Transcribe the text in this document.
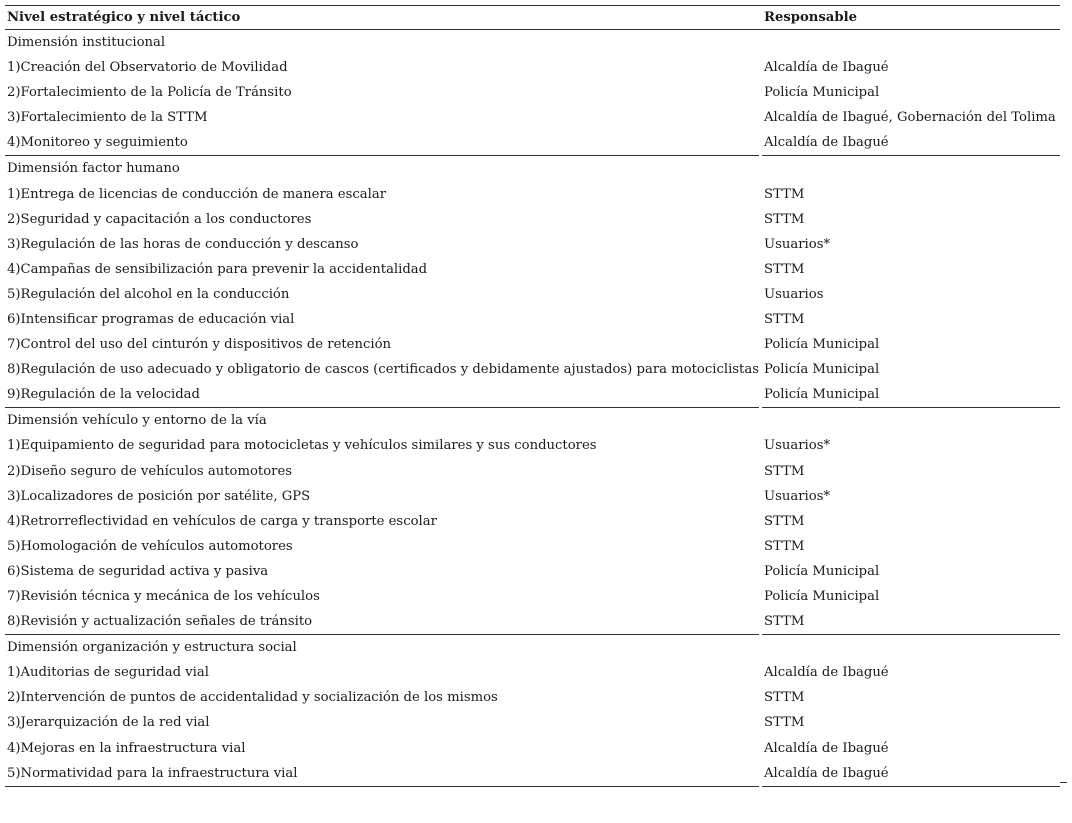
Nivel estratégico y nivel táctico		Responsable
Dimensión institucional		
1)Creación del Observatorio de Movilidad		Alcaldía de Ibagué
2)Fortalecimiento de la Policía de Tránsito		Policía Municipal
3)Fortalecimiento de la STTM		Alcaldía de Ibagué, Gobernación del Tolima
4)Monitoreo y seguimiento		Alcaldía de Ibagué
Dimensión factor humano		
1)Entrega de licencias de conducción de manera escalar		STTM
2)Seguridad y capacitación a los conductores		STTM
3)Regulación de las horas de conducción y descanso		Usuarios*
4)Campañas de sensibilización para prevenir la accidentalidad		STTM
5)Regulación del alcohol en la conducción		Usuarios
6)Intensificar programas de educación vial		STTM
7)Control del uso del cinturón y dispositivos de retención		Policía Municipal
8)Regulación de uso adecuado y obligatorio de cascos (certificados y debidamente ajustados) para motociclistas		Policía Municipal
9)Regulación de la velocidad		Policía Municipal
Dimensión vehículo y entorno de la vía		
1)Equipamiento de seguridad para motocicletas y vehículos similares y sus conductores		Usuarios*
2)Diseño seguro de vehículos automotores		STTM
3)Localizadores de posición por satélite, GPS		Usuarios*
4)Retrorreflectividad en vehículos de carga y transporte escolar		STTM
5)Homologación de vehículos automotores		STTM
6)Sistema de seguridad activa y pasiva		Policía Municipal
7)Revisión técnica y mecánica de los vehículos		Policía Municipal
8)Revisión y actualización señales de tránsito		STTM
Dimensión organización y estructura social		
1)Auditorias de seguridad vial		Alcaldía de Ibagué
2)Intervención de puntos de accidentalidad y socialización de los mismos		STTM
3)Jerarquización de la red vial		STTM
4)Mejoras en la infraestructura vial		Alcaldía de Ibagué
5)Normatividad para la infraestructura vial		Alcaldía de Ibagué
